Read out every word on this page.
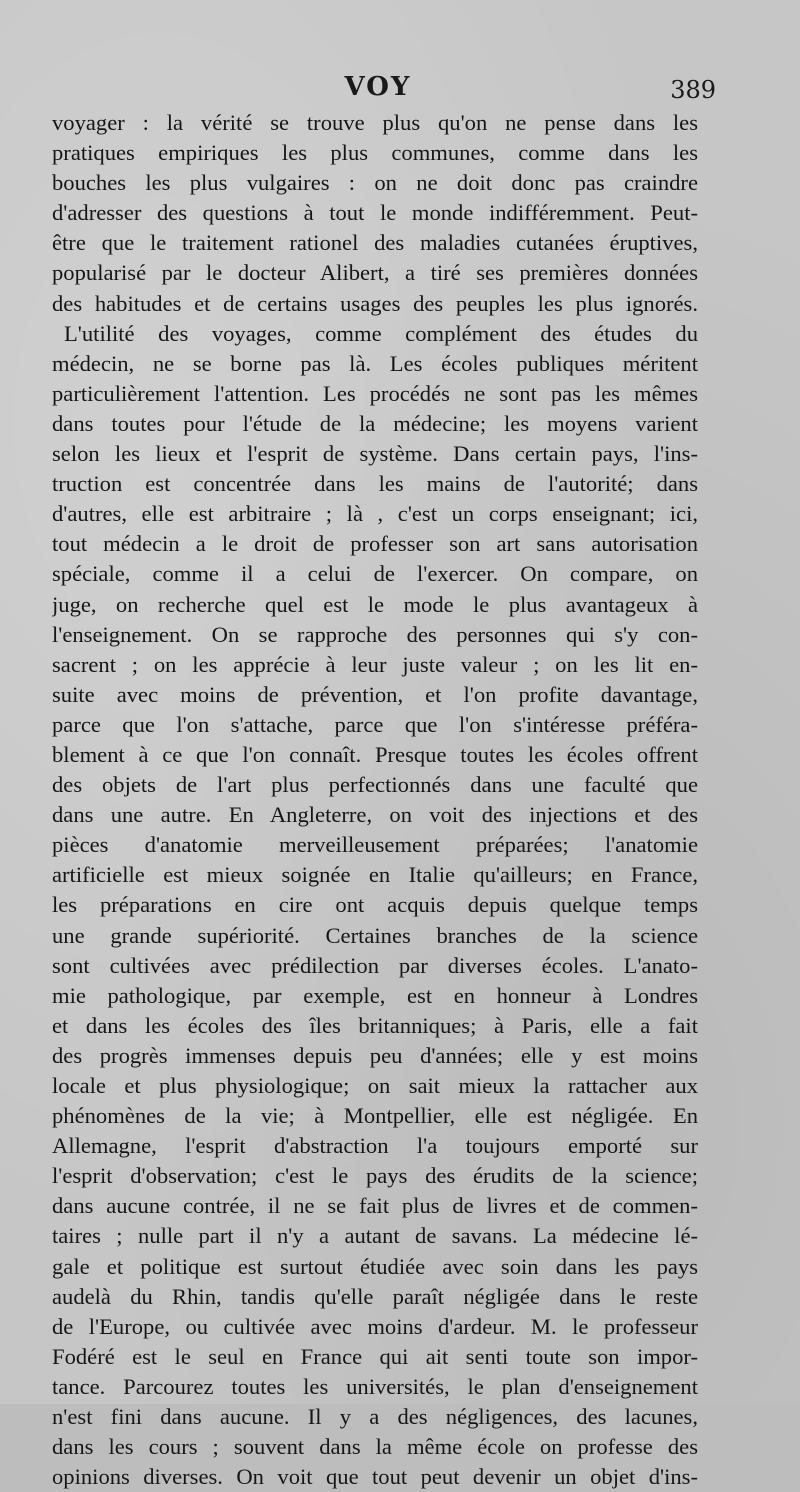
VOY	389
voyager : la vérité se trouve plus qu'on ne pense dans les
pratiques empiriques les plus communes, comme dans les
bouches les plus vulgaires : on ne doit donc pas craindre
d'adresser des questions à tout le monde indifféremment. Peut-
être que le traitement rationel des maladies cutanées éruptives,
popularisé par le docteur Alibert, a tiré ses premières données
des habitudes et de certains usages des peuples les plus ignorés.
L'utilité des voyages, comme complément des études du
médecin, ne se borne pas là. Les écoles publiques méritent
particulièrement l'attention. Les procédés ne sont pas les mêmes
dans toutes pour l'étude de la médecine; les moyens varient
selon les lieux et l'esprit de système. Dans certain pays, l'ins-
truction est concentrée dans les mains de l'autorité; dans
d'autres, elle est arbitraire ; là , c'est un corps enseignant; ici,
tout médecin a le droit de professer son art sans autorisation
spéciale, comme il a celui de l'exercer. On compare, on
juge, on recherche quel est le mode le plus avantageux à
l'enseignement. On se rapproche des personnes qui s'y con-
sacrent ; on les apprécie à leur juste valeur ; on les lit en-
suite avec moins de prévention, et l'on profite davantage,
parce que l'on s'attache, parce que l'on s'intéresse préféra-
blement à ce que l'on connaît. Presque toutes les écoles offrent
des objets de l'art plus perfectionnés dans une faculté que
dans une autre. En Angleterre, on voit des injections et des
pièces d'anatomie merveilleusement préparées; l'anatomie
artificielle est mieux soignée en Italie qu'ailleurs; en France,
les préparations en cire ont acquis depuis quelque temps
une grande supériorité. Certaines branches de la science
sont cultivées avec prédilection par diverses écoles. L'anato-
mie pathologique, par exemple, est en honneur à Londres
et dans les écoles des îles britanniques; à Paris, elle a fait
des progrès immenses depuis peu d'années; elle y est moins
locale et plus physiologique; on sait mieux la rattacher aux
phénomènes de la vie; à Montpellier, elle est négligée. En
Allemagne, l'esprit d'abstraction l'a toujours emporté sur
l'esprit d'observation; c'est le pays des érudits de la science;
dans aucune contrée, il ne se fait plus de livres et de commen-
taires ; nulle part il n'y a autant de savans. La médecine lé-
gale et politique est surtout étudiée avec soin dans les pays
audelà du Rhin, tandis qu'elle paraît négligée dans le reste
de l'Europe, ou cultivée avec moins d'ardeur. M. le professeur
Fodéré est le seul en France qui ait senti toute son impor-
tance. Parcourez toutes les universités, le plan d'enseignement
n'est fini dans aucune. Il y a des négligences, des lacunes,
dans les cours ; souvent dans la même école on professe des
opinions diverses. On voit que tout peut devenir un objet d'ins-
